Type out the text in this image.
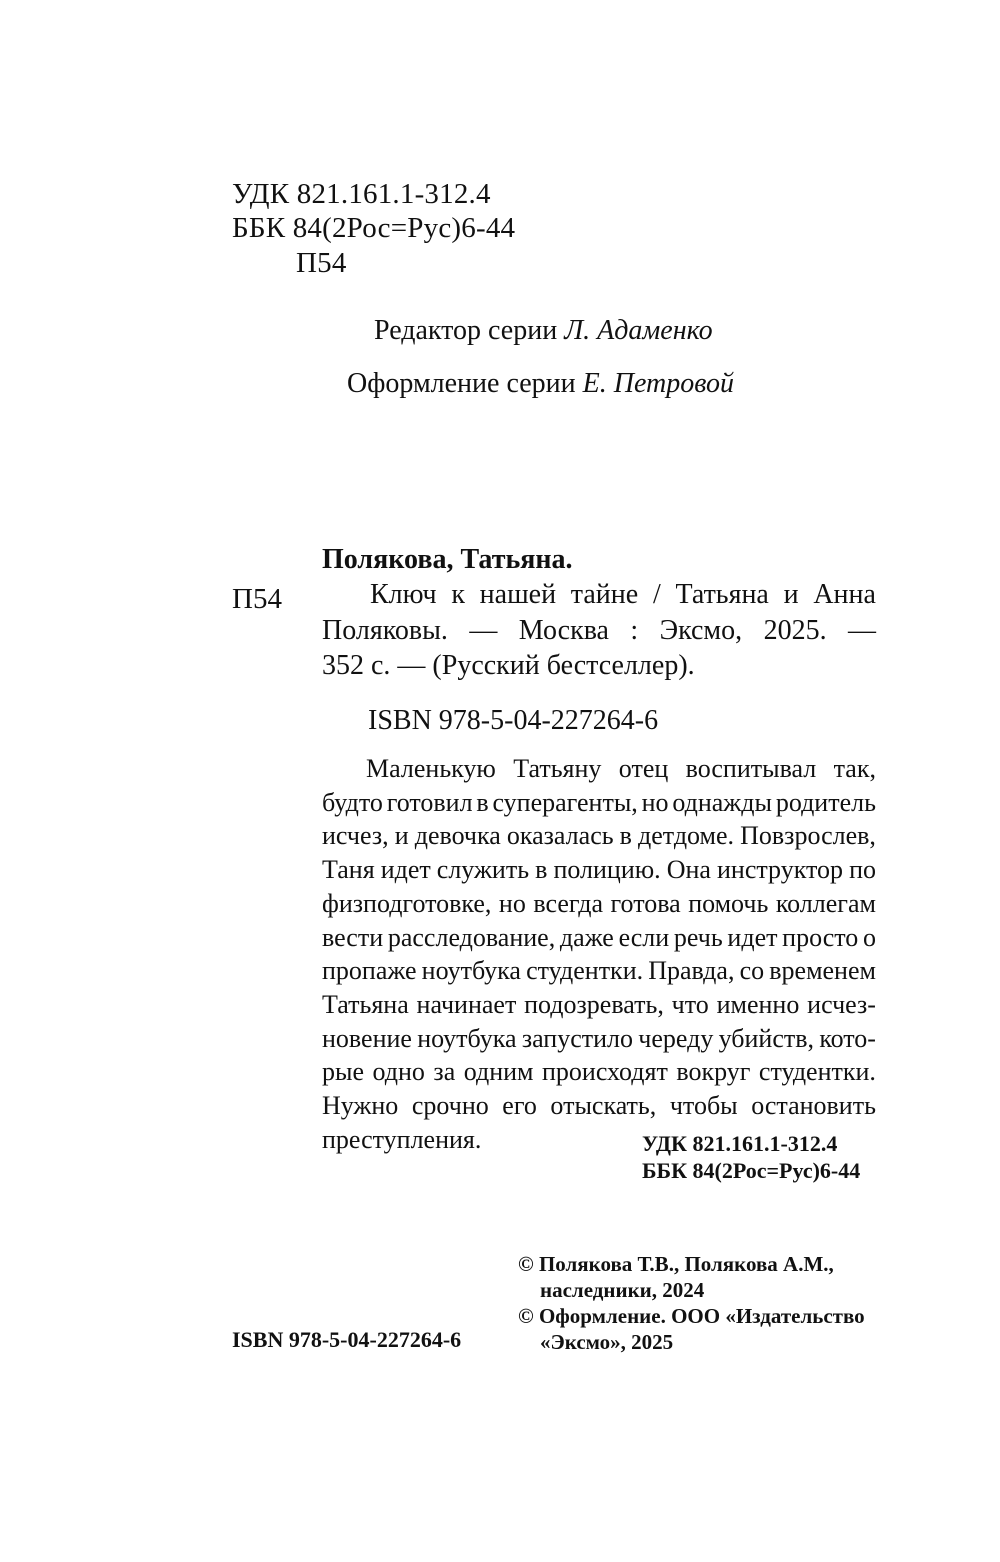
УДК 821.161.1-312.4
ББК 84(2Рос=Рус)6-44
П54
Редактор серии Л. Адаменко
Оформление серии Е. Петровой
Полякова, Татьяна.
П54	Ключ к нашей тайне / Татьяна и Анна
Поляковы. — Москва : Эксмо, 2025. —
352 с. — (Русский бестселлер).
ISBN 978-5-04-227264-6
Маленькую Татьяну отец воспитывал так,
будто готовил в суперагенты, но однажды родитель
исчез, и девочка оказалась в детдоме. Повзрослев,
Таня идет служить в полицию. Она инструктор по
физподготовке, но всегда готова помочь коллегам
вести расследование, даже если речь идет просто о
пропаже ноутбука студентки. Правда, со временем
Татьяна начинает подозревать, что именно исчез-
новение ноутбука запустило череду убийств, кото-
рые одно за одним происходят вокруг студентки.
Нужно срочно его отыскать, чтобы остановить
преступления.	УДК 821.161.1-312.4
ББК 84(2Рос=Рус)6-44
© Полякова Т.В., Полякова А.М.,
наследники, 2024
© Оформление. ООО «Издательство
«Эксмо», 2025
ISBN 978-5-04-227264-6
